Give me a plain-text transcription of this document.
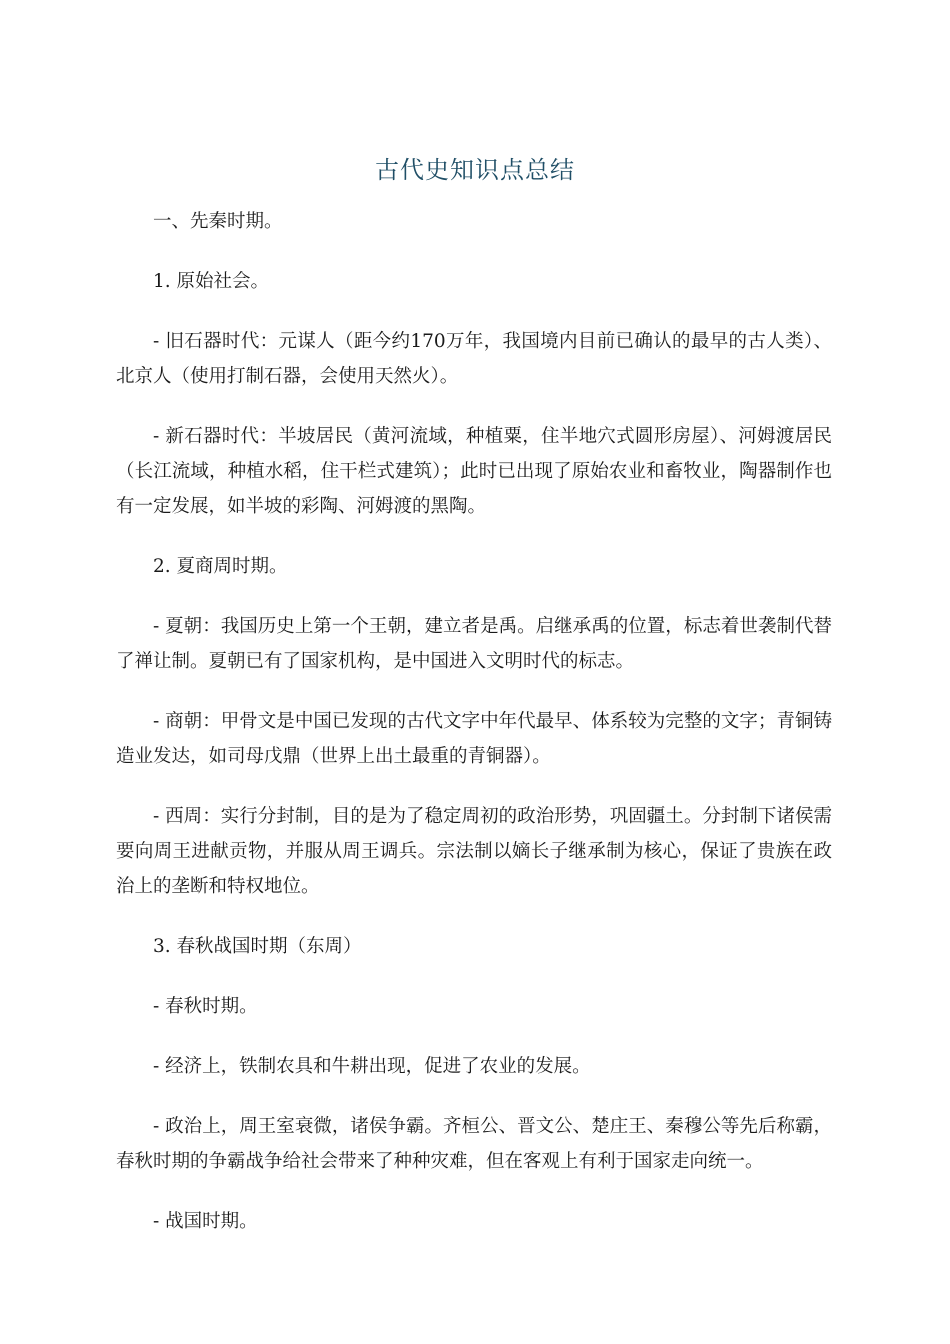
古代史知识点总结

一、先秦时期。

1. 原始社会。

- 旧石器时代：元谋人（距今约170万年，我国境内目前已确认的最早的古人类）、北京人（使用打制石器，会使用天然火）。

- 新石器时代：半坡居民（黄河流域，种植粟，住半地穴式圆形房屋）、河姆渡居民（长江流域，种植水稻，住干栏式建筑）；此时已出现了原始农业和畜牧业，陶器制作也有一定发展，如半坡的彩陶、河姆渡的黑陶。

2. 夏商周时期。

- 夏朝：我国历史上第一个王朝，建立者是禹。启继承禹的位置，标志着世袭制代替了禅让制。夏朝已有了国家机构，是中国进入文明时代的标志。

- 商朝：甲骨文是中国已发现的古代文字中年代最早、体系较为完整的文字；青铜铸造业发达，如司母戊鼎（世界上出土最重的青铜器）。

- 西周：实行分封制，目的是为了稳定周初的政治形势，巩固疆土。分封制下诸侯需要向周王进献贡物，并服从周王调兵。宗法制以嫡长子继承制为核心，保证了贵族在政治上的垄断和特权地位。

3. 春秋战国时期（东周）

- 春秋时期。

- 经济上，铁制农具和牛耕出现，促进了农业的发展。

- 政治上，周王室衰微，诸侯争霸。齐桓公、晋文公、楚庄王、秦穆公等先后称霸，春秋时期的争霸战争给社会带来了种种灾难，但在客观上有利于国家走向统一。

- 战国时期。
